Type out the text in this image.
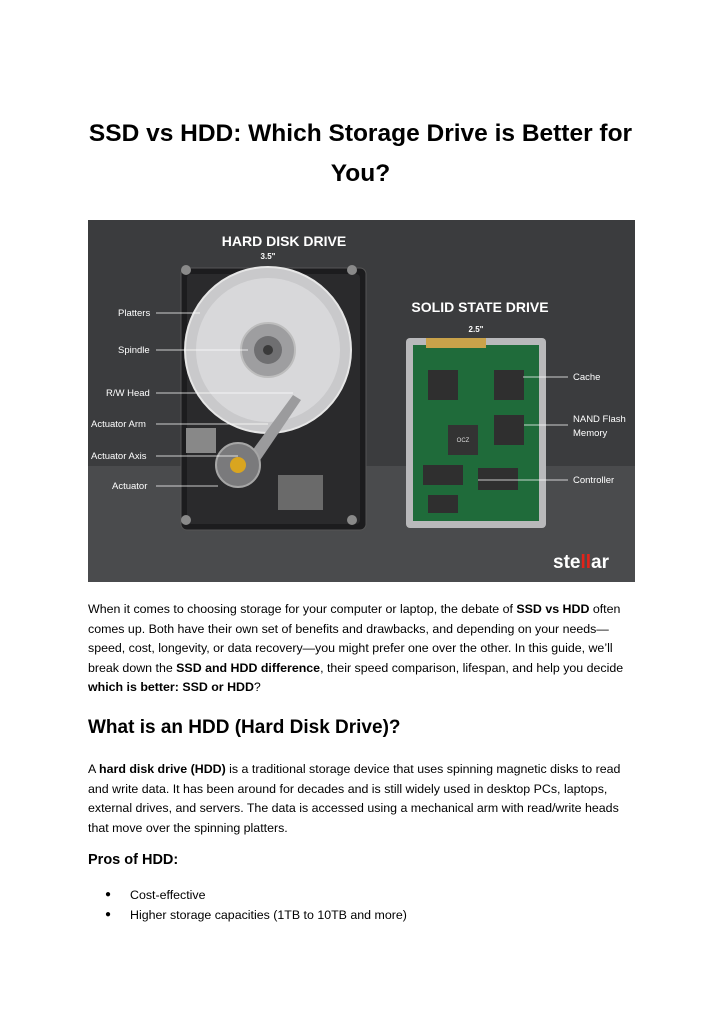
SSD vs HDD: Which Storage Drive is Better for You?
HARD DISK DRIVE
3.5"
Platters
Spindle
R/W Head
Actuator Arm
Actuator Axis
Actuator
SOLID STATE DRIVE
2.5"
OCZ
Cache
NAND Flash
Memory
Controller
stellar

When it comes to choosing storage for your computer or laptop, the debate of SSD vs HDD often comes up. Both have their own set of benefits and drawbacks, and depending on your needs—speed, cost, longevity, or data recovery—you might prefer one over the other. In this guide, we’ll break down the SSD and HDD difference, their speed comparison, lifespan, and help you decide which is better: SSD or HDD?

What is an HDD (Hard Disk Drive)?

A hard disk drive (HDD) is a traditional storage device that uses spinning magnetic disks to read and write data. It has been around for decades and is still widely used in desktop PCs, laptops, external drives, and servers. The data is accessed using a mechanical arm with read/write heads that move over the spinning platters.

Pros of HDD:
● Cost-effective
● Higher storage capacities (1TB to 10TB and more)
